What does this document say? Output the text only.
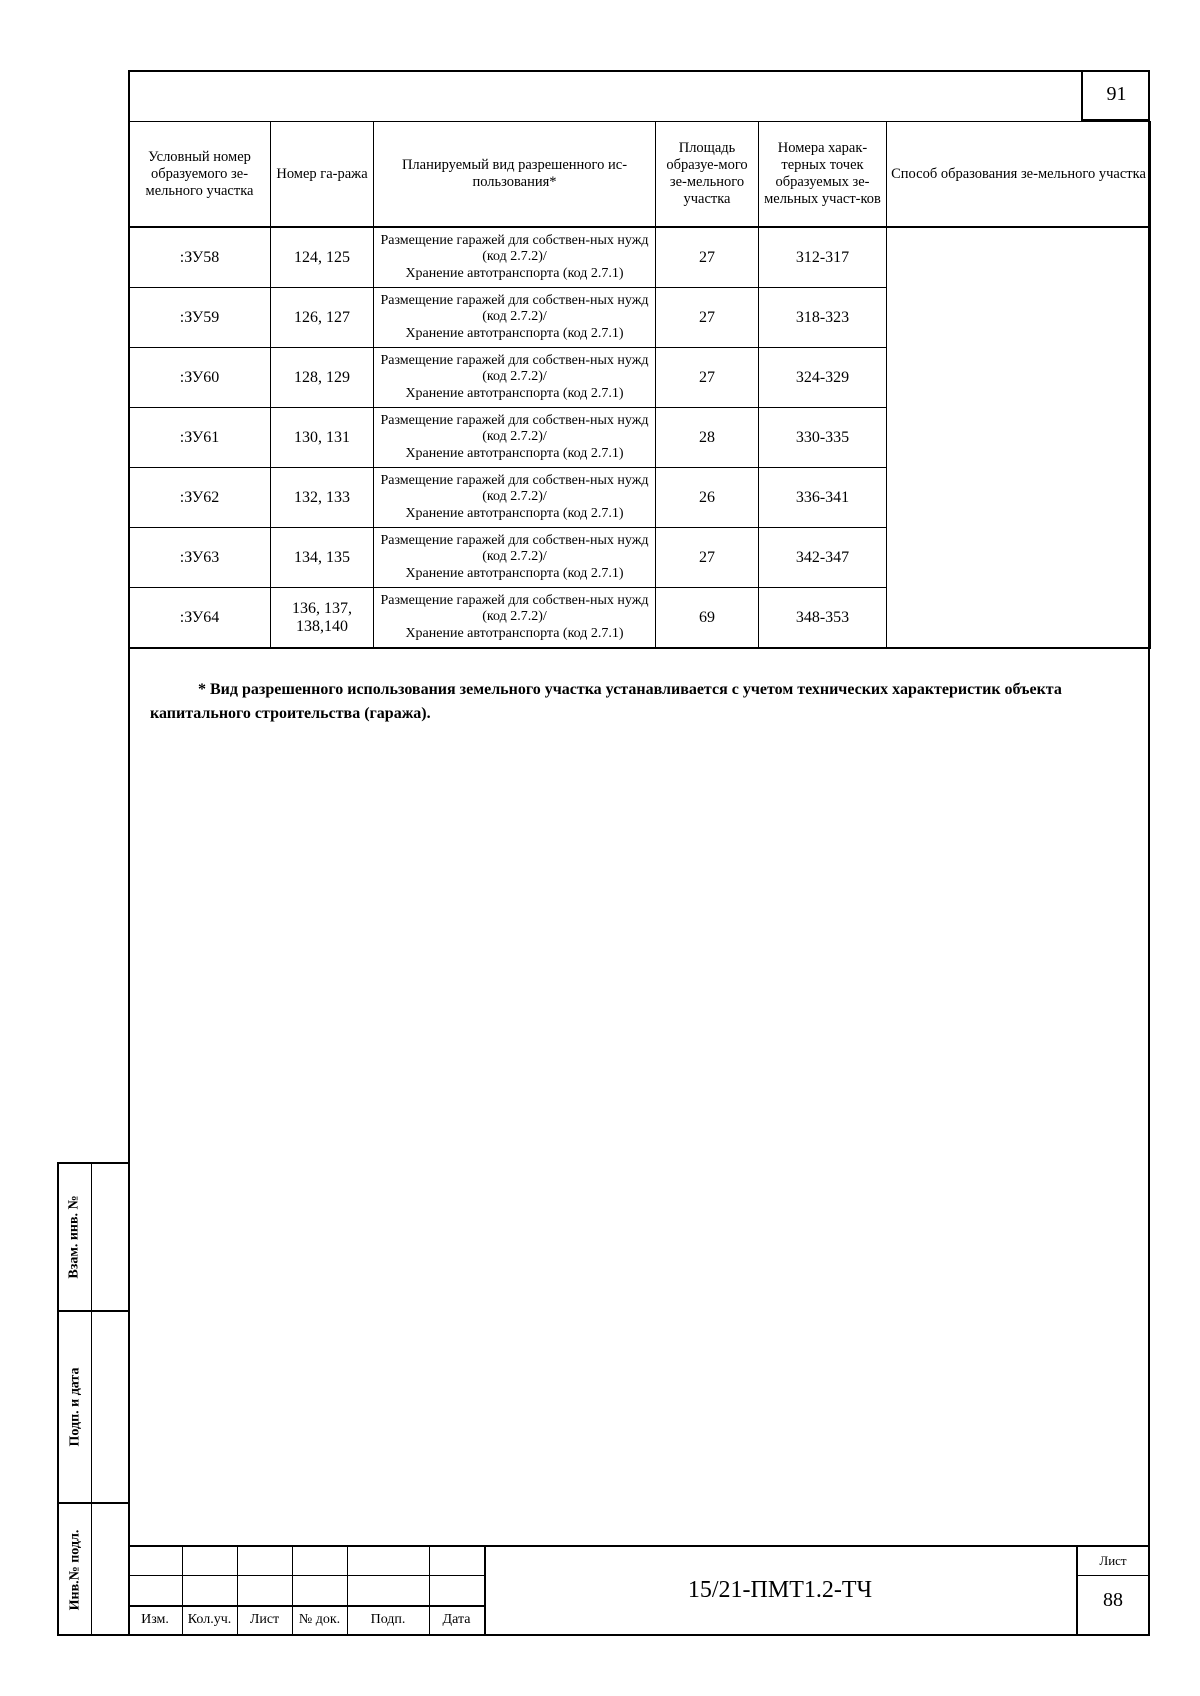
91
Условный номер образуемого зе-мельного участка	Номер га-ража	Планируемый вид разрешенного ис-пользования*	Площадь образуе-мого зе-мельного участка	Номера харак-терных точек образуемых зе-мельных участ-ков	Способ образования зе-мельного участка
:ЗУ58	124, 125	Размещение гаражей для собствен-ных нужд (код 2.7.2)/
Хранение автотранспорта (код 2.7.1)	27	312-317	
:ЗУ59	126, 127	Размещение гаражей для собствен-ных нужд (код 2.7.2)/
Хранение автотранспорта (код 2.7.1)	27	318-323	
:ЗУ60	128, 129	Размещение гаражей для собствен-ных нужд (код 2.7.2)/
Хранение автотранспорта (код 2.7.1)	27	324-329	
:ЗУ61	130, 131	Размещение гаражей для собствен-ных нужд (код 2.7.2)/
Хранение автотранспорта (код 2.7.1)	28	330-335	
:ЗУ62	132, 133	Размещение гаражей для собствен-ных нужд (код 2.7.2)/
Хранение автотранспорта (код 2.7.1)	26	336-341	
:ЗУ63	134, 135	Размещение гаражей для собствен-ных нужд (код 2.7.2)/
Хранение автотранспорта (код 2.7.1)	27	342-347	
:ЗУ64	136, 137, 138,140	Размещение гаражей для собствен-ных нужд (код 2.7.2)/
Хранение автотранспорта (код 2.7.1)	69	348-353	
* Вид разрешенного использования земельного участка устанавливается с учетом технических характеристик объекта капитального строительства (гаража).
Взам. инв. №
Подп. и дата
Инв.№ подл.
Изм.	Кол.уч.	Лист	№ док.	Подп.	Дата
15/21-ПМТ1.2-ТЧ
Лист
88
